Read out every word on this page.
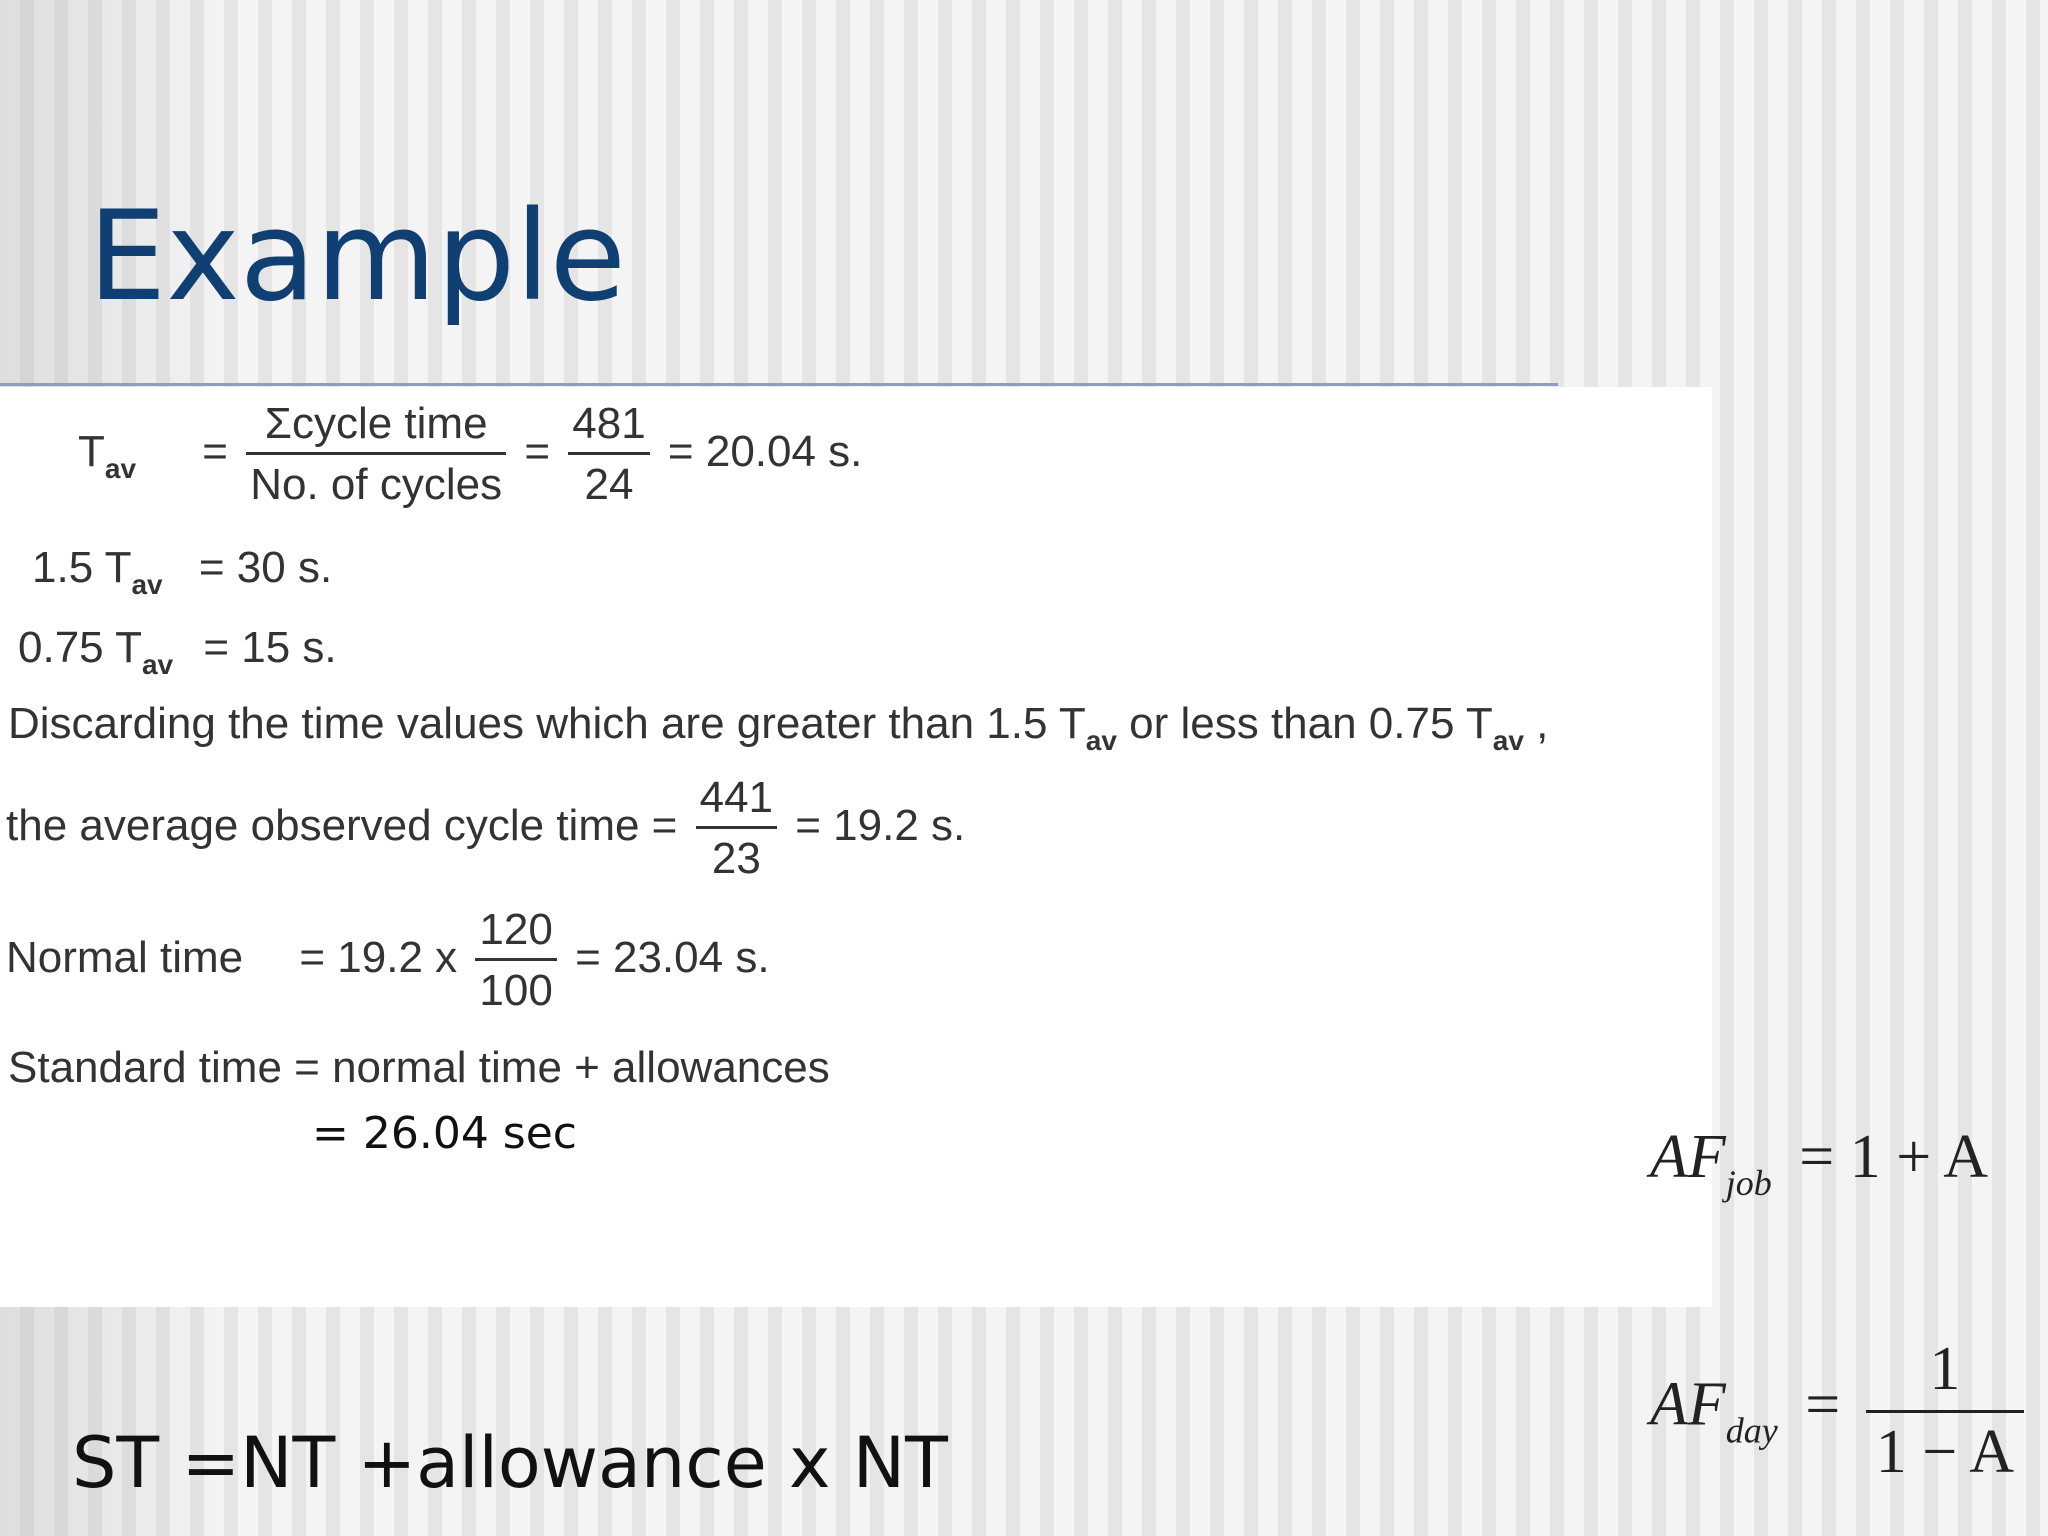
Example
$T_{av} = \frac{\text{Σcycle time}}{\text{No. of cycles}} = \frac{481}{24} = 20.04$ s.
1.5 $T_{av} = 30$ s.
0.75 $T_{av} = 15$ s.
Discarding the time values which are greater than 1.5 $T_{av}$ or less than 0.75 $T_{av}$ ,
the average observed cycle time = $\frac{441}{23} = 19.2$ s.
Normal time = 19.2 x $\frac{120}{100} = 23.04$ s.
Standard time = normal time + allowances
= 26.04 sec
ST =NT +allowance x NT
$AF_{job} = 1 + A$
$AF_{day} = \frac{1}{1 - A}$
